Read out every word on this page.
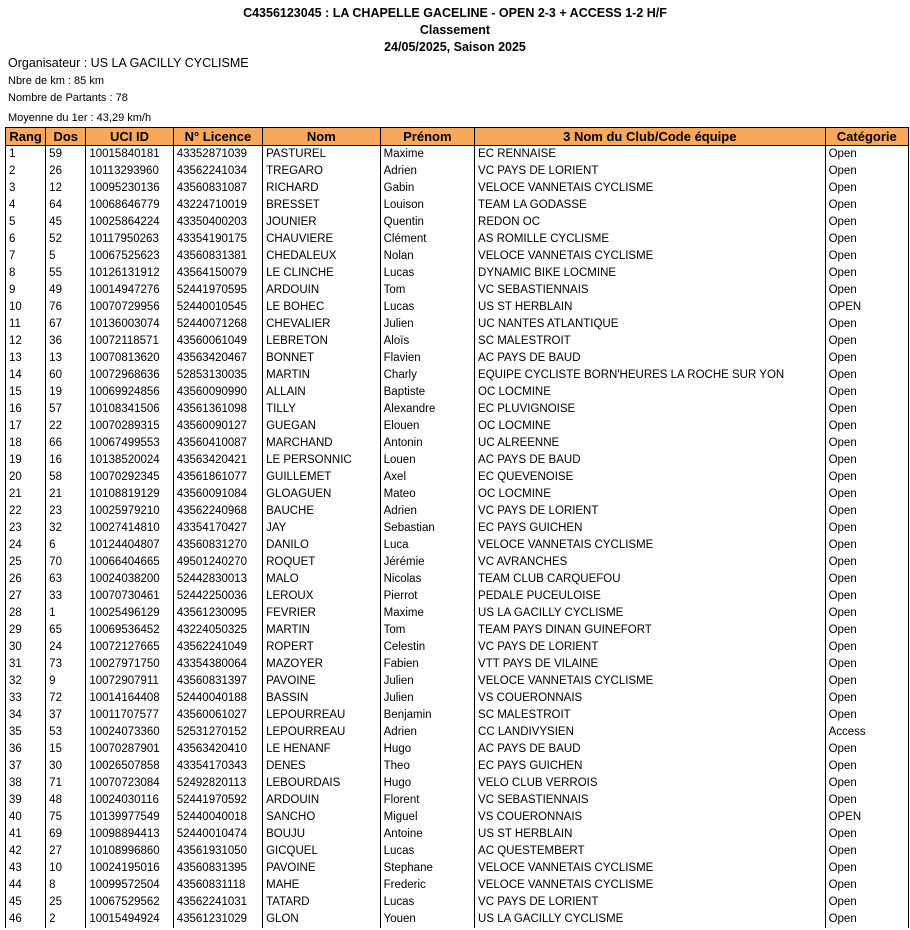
C4356123045 : LA CHAPELLE GACELINE - OPEN 2-3 + ACCESS 1-2 H/F
Classement
24/05/2025, Saison 2025
Organisateur : US LA GACILLY CYCLISME
Nbre de km : 85 km
Nombre de Partants : 78
Moyenne du 1er : 43,29 km/h
Rang	Dos	UCI ID	N° Licence	Nom	Prénom	3 Nom du Club/Code équipe	Catégorie
1	59	10015840181	43352871039	PASTUREL	Maxime	EC RENNAISE	Open
2	26	10113293960	43562241034	TREGARO	Adrien	VC PAYS DE LORIENT	Open
3	12	10095230136	43560831087	RICHARD	Gabin	VELOCE VANNETAIS CYCLISME	Open
4	64	10068646779	43224710019	BRESSET	Louison	TEAM LA GODASSE	Open
5	45	10025864224	43350400203	JOUNIER	Quentin	REDON OC	Open
6	52	10117950263	43354190175	CHAUVIERE	Clément	AS ROMILLE CYCLISME	Open
7	5	10067525623	43560831381	CHEDALEUX	Nolan	VELOCE VANNETAIS CYCLISME	Open
8	55	10126131912	43564150079	LE CLINCHE	Lucas	DYNAMIC BIKE LOCMINE	Open
9	49	10014947276	52441970595	ARDOUIN	Tom	VC SEBASTIENNAIS	Open
10	76	10070729956	52440010545	LE BOHEC	Lucas	US ST HERBLAIN	OPEN
11	67	10136003074	52440071268	CHEVALIER	Julien	UC NANTES ATLANTIQUE	Open
12	36	10072118571	43560061049	LEBRETON	Aloïs	SC MALESTROIT	Open
13	13	10070813620	43563420467	BONNET	Flavien	AC PAYS DE BAUD	Open
14	60	10072968636	52853130035	MARTIN	Charly	EQUIPE CYCLISTE BORN'HEURES LA ROCHE SUR YON	Open
15	19	10069924856	43560090990	ALLAIN	Baptiste	OC LOCMINE	Open
16	57	10108341506	43561361098	TILLY	Alexandre	EC PLUVIGNOISE	Open
17	22	10070289315	43560090127	GUEGAN	Elouen	OC LOCMINE	Open
18	66	10067499553	43560410087	MARCHAND	Antonin	UC ALREENNE	Open
19	16	10138520024	43563420421	LE PERSONNIC	Louen	AC PAYS DE BAUD	Open
20	58	10070292345	43561861077	GUILLEMET	Axel	EC QUEVENOISE	Open
21	21	10108819129	43560091084	GLOAGUEN	Mateo	OC LOCMINE	Open
22	23	10025979210	43562240968	BAUCHE	Adrien	VC PAYS DE LORIENT	Open
23	32	10027414810	43354170427	JAY	Sebastian	EC PAYS GUICHEN	Open
24	6	10124404807	43560831270	DANILO	Luca	VELOCE VANNETAIS CYCLISME	Open
25	70	10066404665	49501240270	ROQUET	Jérémie	VC AVRANCHES	Open
26	63	10024038200	52442830013	MALO	Nicolas	TEAM CLUB CARQUEFOU	Open
27	33	10070730461	52442250036	LEROUX	Pierrot	PEDALE PUCEULOISE	Open
28	1	10025496129	43561230095	FEVRIER	Maxime	US LA GACILLY CYCLISME	Open
29	65	10069536452	43224050325	MARTIN	Tom	TEAM PAYS DINAN GUINEFORT	Open
30	24	10072127665	43562241049	ROPERT	Celestin	VC PAYS DE LORIENT	Open
31	73	10027971750	43354380064	MAZOYER	Fabien	VTT PAYS DE VILAINE	Open
32	9	10072907911	43560831397	PAVOINE	Julien	VELOCE VANNETAIS CYCLISME	Open
33	72	10014164408	52440040188	BASSIN	Julien	VS COUERONNAIS	Open
34	37	10011707577	43560061027	LEPOURREAU	Benjamin	SC MALESTROIT	Open
35	53	10024073360	52531270152	LEPOURREAU	Adrien	CC LANDIVYSIEN	Access
36	15	10070287901	43563420410	LE HENANF	Hugo	AC PAYS DE BAUD	Open
37	30	10026507858	43354170343	DENES	Theo	EC PAYS GUICHEN	Open
38	71	10070723084	52492820113	LEBOURDAIS	Hugo	VELO CLUB VERROIS	Open
39	48	10024030116	52441970592	ARDOUIN	Florent	VC SEBASTIENNAIS	Open
40	75	10139977549	52440040018	SANCHO	Miguel	VS COUERONNAIS	OPEN
41	69	10098894413	52440010474	BOUJU	Antoine	US ST HERBLAIN	Open
42	27	10108996860	43561931050	GICQUEL	Lucas	AC QUESTEMBERT	Open
43	10	10024195016	43560831395	PAVOINE	Stephane	VELOCE VANNETAIS CYCLISME	Open
44	8	10099572504	43560831118	MAHE	Frederic	VELOCE VANNETAIS CYCLISME	Open
45	25	10067529562	43562241031	TATARD	Lucas	VC PAYS DE LORIENT	Open
46	2	10015494924	43561231029	GLON	Youen	US LA GACILLY CYCLISME	Open
